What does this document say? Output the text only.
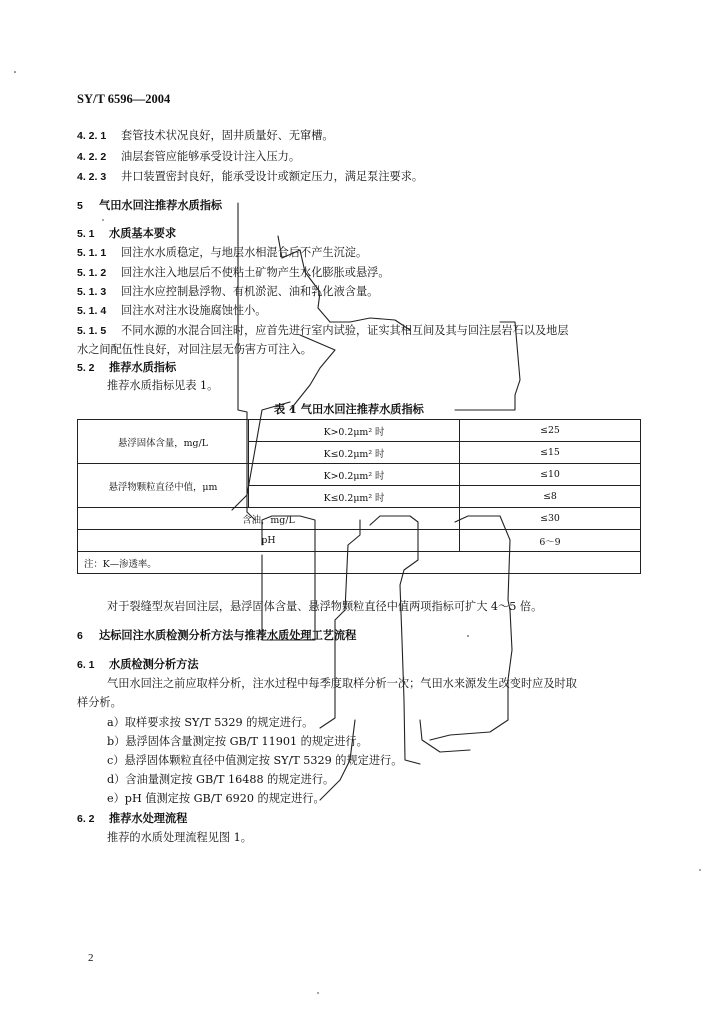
SY/T 6596—2004
4. 2. 1 套管技术状况良好，固井质量好、无窜槽。
4. 2. 2 油层套管应能够承受设计注入压力。
4. 2. 3 井口装置密封良好，能承受设计或额定压力，满足泵注要求。
5 气田水回注推荐水质指标
5. 1 水质基本要求
5. 1. 1 回注水水质稳定，与地层水相混合后不产生沉淀。
5. 1. 2 回注水注入地层后不使粘土矿物产生水化膨胀或悬浮。
5. 1. 3 回注水应控制悬浮物、有机淤泥、油和乳化液含量。
5. 1. 4 回注水对注水设施腐蚀性小。
5. 1. 5 不同水源的水混合回注时，应首先进行室内试验，证实其相互间及其与回注层岩石以及地层
水之间配伍性良好，对回注层无伤害方可注入。
5. 2 推荐水质指标
推荐水质指标见表 1。
表 1 气田水回注推荐水质指标
悬浮固体含量，mg/L	K>0.2μm² 时	≤25
	K≤0.2μm² 时	≤15
悬浮物颗粒直径中值，μm	K>0.2μm² 时	≤10
	K≤0.2μm² 时	≤8
含油，mg/L		≤30
pH		6～9
注：K—渗透率。		
对于裂缝型灰岩回注层，悬浮固体含量、悬浮物颗粒直径中值两项指标可扩大 4～5 倍。
6 达标回注水质检测分析方法与推荐水质处理工艺流程
6. 1 水质检测分析方法
气田水回注之前应取样分析，注水过程中每季度取样分析一次；气田水来源发生改变时应及时取
样分析。
a）取样要求按 SY/T 5329 的规定进行。
b）悬浮固体含量测定按 GB/T 11901 的规定进行。
c）悬浮固体颗粒直径中值测定按 SY/T 5329 的规定进行。
d）含油量测定按 GB/T 16488 的规定进行。
e）pH 值测定按 GB/T 6920 的规定进行。
6. 2 推荐水处理流程
推荐的水质处理流程见图 1。
2
